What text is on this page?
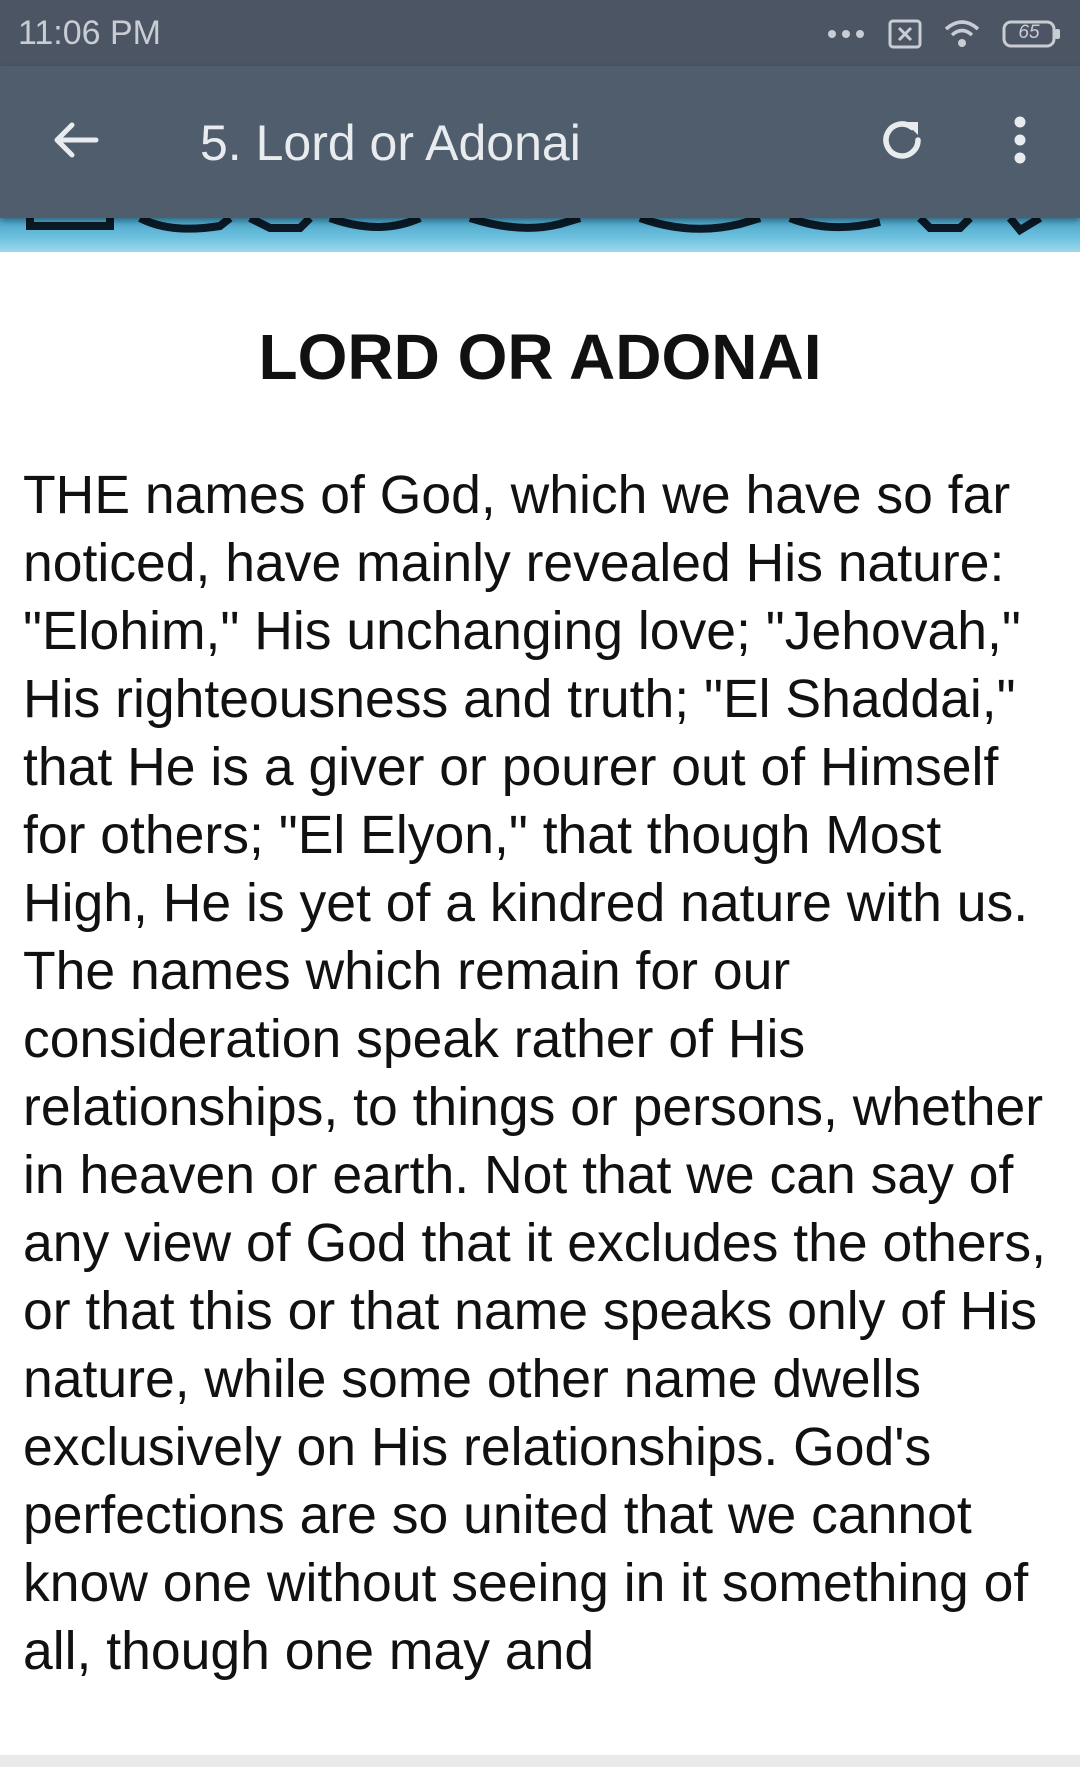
11:06 PM	65
5. Lord or Adonai
LORD OR ADONAI

THE names of God, which we have so far noticed, have mainly revealed His nature: "Elohim," His unchanging love; "Jehovah," His righteousness and truth; "El Shaddai," that He is a giver or pourer out of Himself for others; "El Elyon," that though Most High, He is yet of a kindred nature with us. The names which remain for our consideration speak rather of His relationships, to things or persons, whether in heaven or earth. Not that we can say of any view of God that it excludes the others, or that this or that name speaks only of His nature, while some other name dwells exclusively on His relationships. God's perfections are so united that we cannot know one without seeing in it something of all, though one may and
